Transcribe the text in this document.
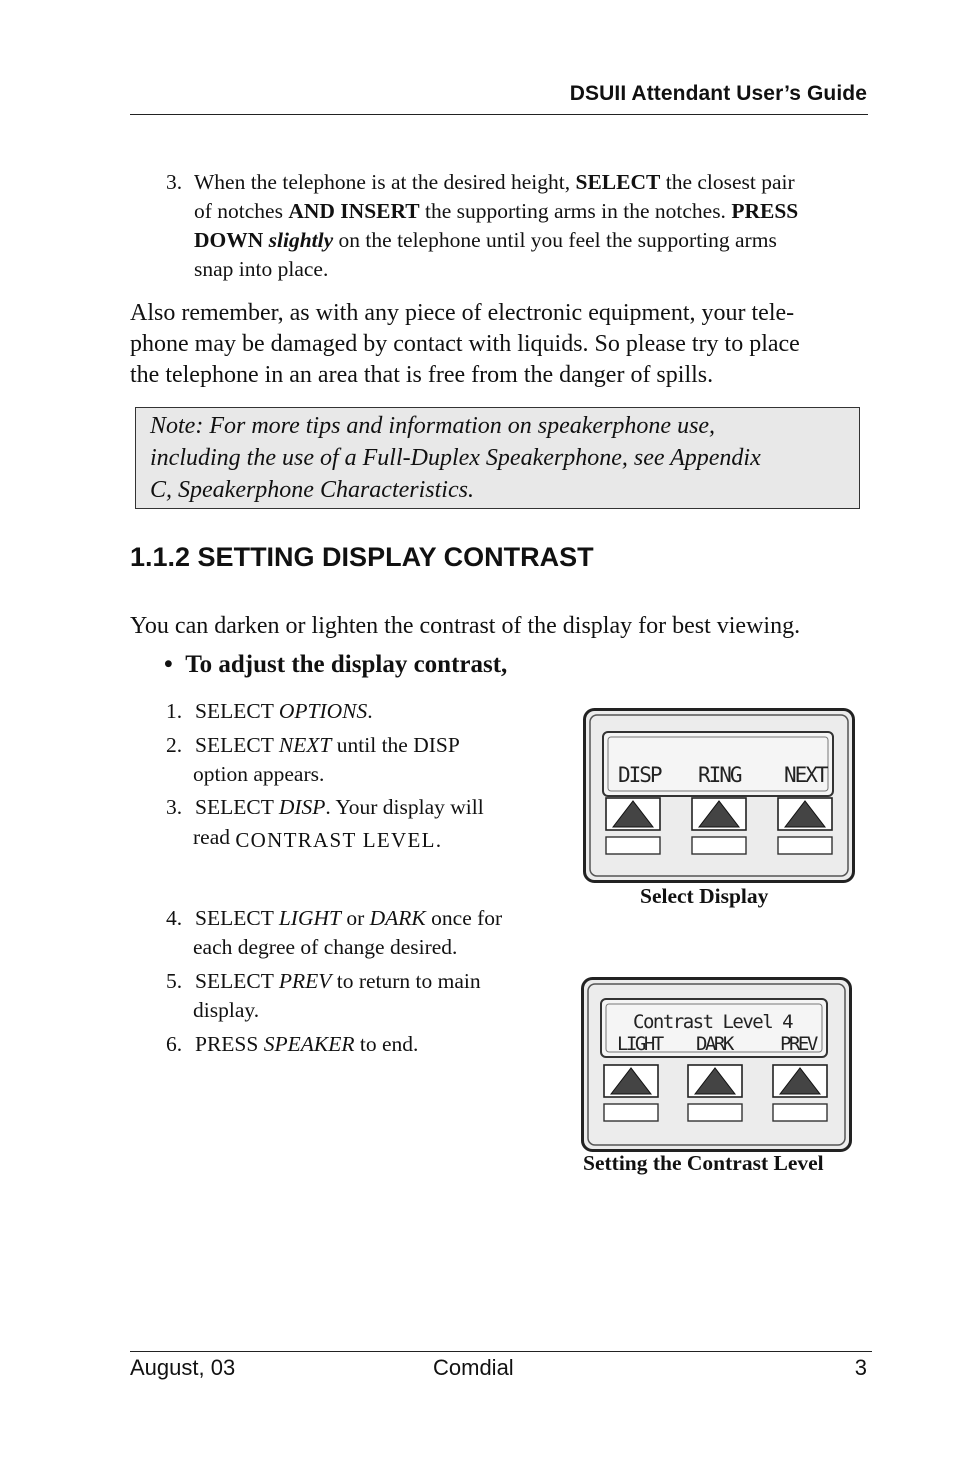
DSUII Attendant User’s Guide
3. When the telephone is at the desired height, SELECT the closest pair
of notches AND INSERT the supporting arms in the notches. PRESS
DOWN slightly on the telephone until you feel the supporting arms
snap into place.
Also remember, as with any piece of electronic equipment, your tele-
phone may be damaged by contact with liquids. So please try to place
the telephone in an area that is free from the danger of spills.
Note: For more tips and information on speakerphone use,
including the use of a Full-Duplex Speakerphone, see Appendix
C, Speakerphone Characteristics.
1.1.2 SETTING DISPLAY CONTRAST
You can darken or lighten the contrast of the display for best viewing.
• To adjust the display contrast,
1. SELECT OPTIONS.
2. SELECT NEXT until the DISP
option appears.
3. SELECT DISP. Your display will
read CONTRAST LEVEL.
4. SELECT LIGHT or DARK once for
each degree of change desired.
5. SELECT PREV to return to main
display.
6. PRESS SPEAKER to end.
DISP RING NEXT
Select Display
Contrast Level 4
LIGHT DARK	PREV
Setting the Contrast Level
August, 03	Comdial	3
